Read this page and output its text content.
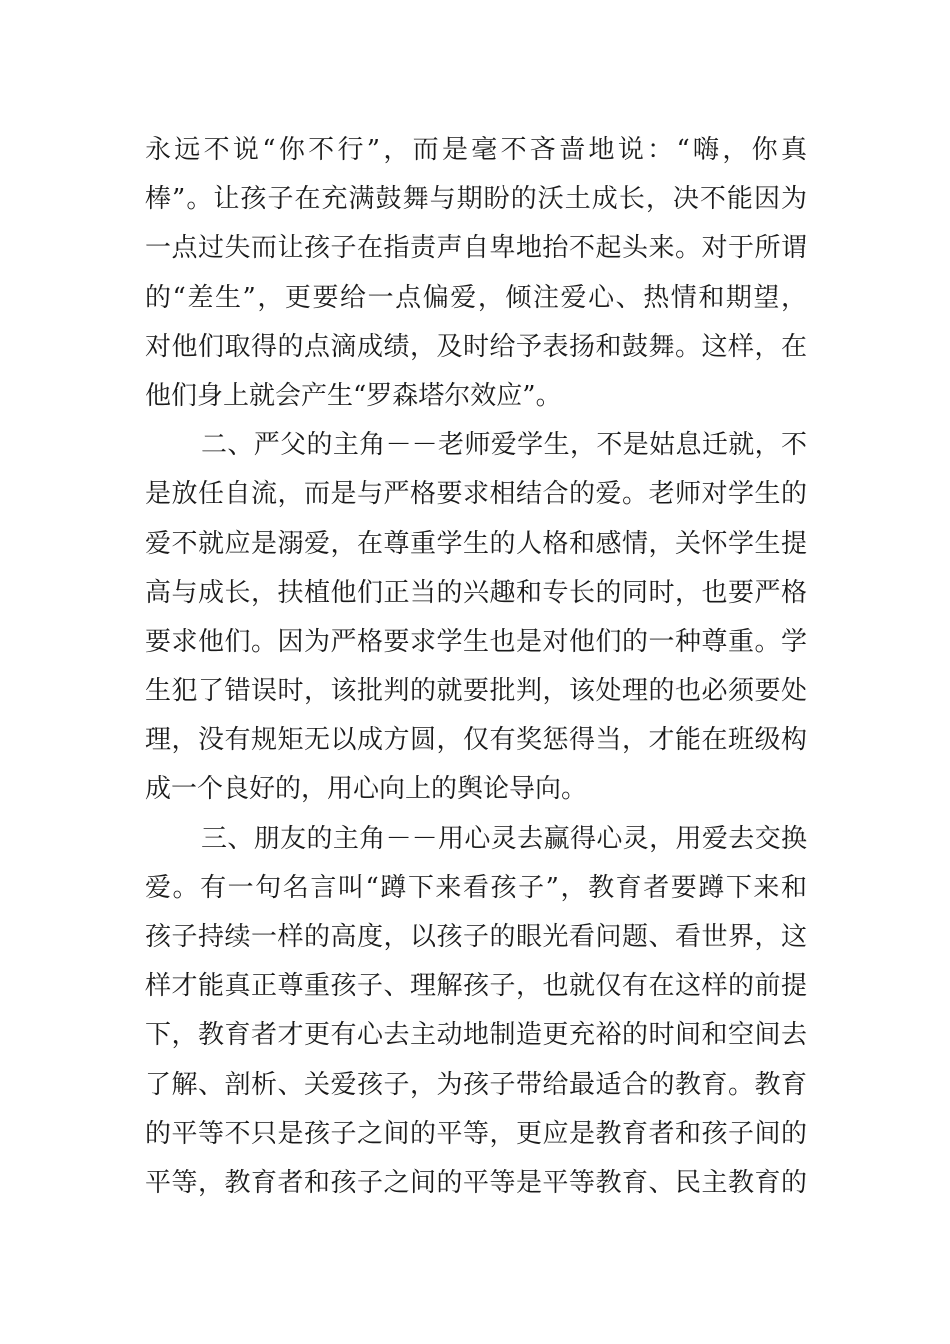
永远不说“你不行”，而是毫不吝啬地说：“嗨，你真
棒”。让孩子在充满鼓舞与期盼的沃土成长，决不能因为
一点过失而让孩子在指责声自卑地抬不起头来。对于所谓
的“差生”，更要给一点偏爱，倾注爱心、热情和期望，
对他们取得的点滴成绩，及时给予表扬和鼓舞。这样，在
他们身上就会产生“罗森塔尔效应”。
二、严父的主角－－老师爱学生，不是姑息迁就，不
是放任自流，而是与严格要求相结合的爱。老师对学生的
爱不就应是溺爱，在尊重学生的人格和感情，关怀学生提
高与成长，扶植他们正当的兴趣和专长的同时，也要严格
要求他们。因为严格要求学生也是对他们的一种尊重。学
生犯了错误时，该批判的就要批判，该处理的也必须要处
理，没有规矩无以成方圆，仅有奖惩得当，才能在班级构
成一个良好的，用心向上的舆论导向。
三、朋友的主角－－用心灵去赢得心灵，用爱去交换
爱。有一句名言叫“蹲下来看孩子”，教育者要蹲下来和
孩子持续一样的高度，以孩子的眼光看问题、看世界，这
样才能真正尊重孩子、理解孩子，也就仅有在这样的前提
下，教育者才更有心去主动地制造更充裕的时间和空间去
了解、剖析、关爱孩子，为孩子带给最适合的教育。教育
的平等不只是孩子之间的平等，更应是教育者和孩子间的
平等，教育者和孩子之间的平等是平等教育、民主教育的
